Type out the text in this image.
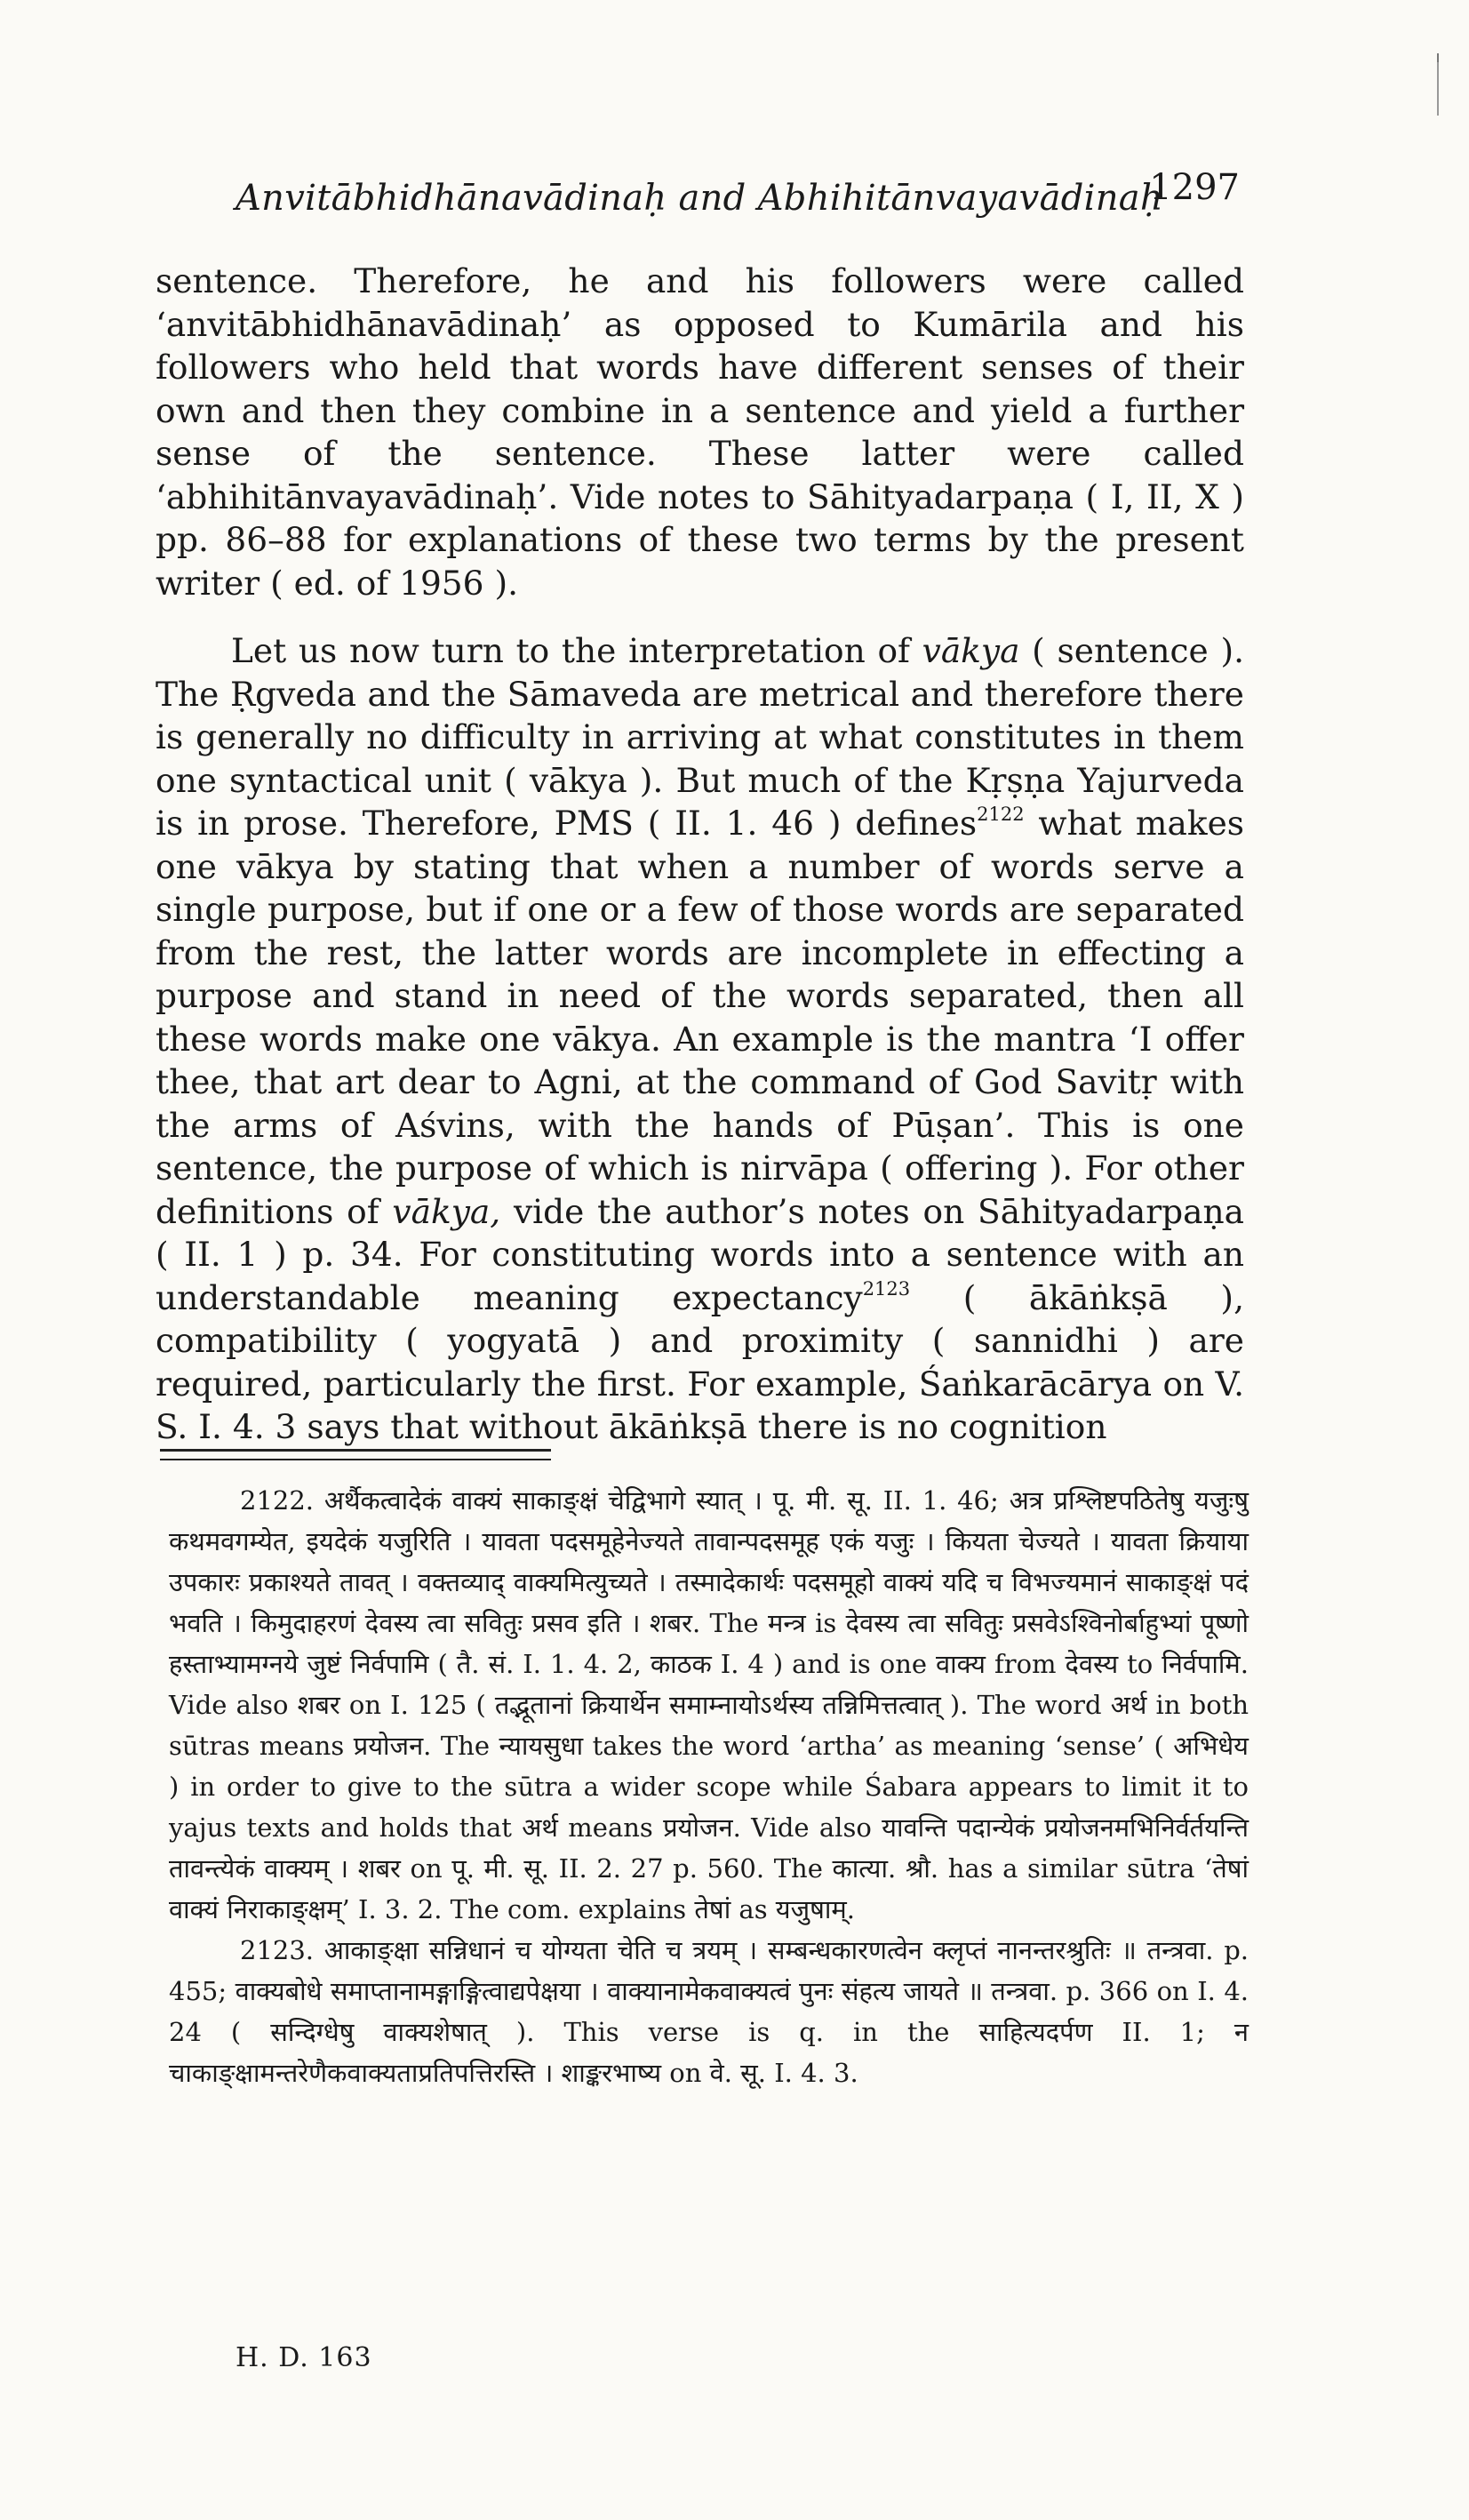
Anvitābhidhānavādinaḥ and Abhihitānvayavādinaḥ
1297

sentence. Therefore, he and his followers were called ‘anvitābhidhānavādinaḥ’ as opposed to Kumārila and his followers who held that words have different senses of their own and then they combine in a sentence and yield a further sense of the sentence. These latter were called ‘abhihitānvayavādinaḥ’. Vide notes to Sāhityadarpaṇa ( I, II, X ) pp. 86–88 for explanations of these two terms by the present writer ( ed. of 1956 ).

Let us now turn to the interpretation of vākya ( sentence ). The Ṛgveda and the Sāmaveda are metrical and therefore there is generally no difficulty in arriving at what constitutes in them one syntactical unit ( vākya ). But much of the Kṛṣṇa Yajurveda is in prose. Therefore, PMS ( II. 1. 46 ) defines$^{2122}$ what makes one vākya by stating that when a number of words serve a single purpose, but if one or a few of those words are separated from the rest, the latter words are incomplete in effecting a purpose and stand in need of the words separated, then all these words make one vākya. An example is the mantra ‘I offer thee, that art dear to Agni, at the command of God Savitṛ with the arms of Aśvins, with the hands of Pūṣan’. This is one sentence, the purpose of which is nirvāpa ( offering ). For other definitions of vākya, vide the author’s notes on Sāhityadarpaṇa ( II. 1 ) p. 34. For constituting words into a sentence with an understandable meaning expectancy$^{2123}$ ( ākāṅkṣā ), compatibility ( yogyatā ) and proximity ( sannidhi ) are required, particularly the first. For example, Śaṅkarācārya on V. S. I. 4. 3 says that without ākāṅkṣā there is no cognition

2122. अर्थैकत्वादेकं वाक्यं साकाङ्क्षं चेद्विभागे स्यात् । पू. मी. सू. II. 1. 46; अत्र प्रश्लिष्टपठितेषु यजुःषु कथमवगम्येत, इयदेकं यजुरिति । यावता पदसमूहेनेज्यते तावान्पदसमूह एकं यजुः । कियता चेज्यते । यावता क्रियाया उपकारः प्रकाश्यते तावत् । वक्तव्याद् वाक्यमित्युच्यते । तस्मादेकार्थः पदसमूहो वाक्यं यदि च विभज्यमानं साकाङ्क्षं पदं भवति । किमुदाहरणं देवस्य त्वा सवितुः प्रसव इति । शबर. The मन्त्र is देवस्य त्वा सवितुः प्रसवेऽश्विनोर्बाहुभ्यां पूष्णो हस्ताभ्यामग्नये जुष्टं निर्वपामि ( तै. सं. I. 1. 4. 2, काठक I. 4 ) and is one वाक्य from देवस्य to निर्वपामि. Vide also शबर on I. 125 ( तद्भूतानां क्रियार्थेन समाम्नायोऽर्थस्य तन्निमित्तत्वात् ). The word अर्थ in both sūtras means प्रयोजन. The न्यायसुधा takes the word ‘artha’ as meaning ‘sense’ ( अभिधेय ) in order to give to the sūtra a wider scope while Śabara appears to limit it to yajus texts and holds that अर्थ means प्रयोजन. Vide also यावन्ति पदान्येकं प्रयोजनमभिनिर्वर्तयन्ति तावन्त्येकं वाक्यम् । शबर on पू. मी. सू. II. 2. 27 p. 560. The कात्या. श्रौ. has a similar sūtra ‘तेषां वाक्यं निराकाङ्क्षम्’ I. 3. 2. The com. explains तेषां as यजुषाम्.

2123. आकाङ्क्षा सन्निधानं च योग्यता चेति च त्रयम् । सम्बन्धकारणत्वेन क्लृप्तं नानन्तरश्रुतिः ॥ तन्त्रवा. p. 455; वाक्यबोधे समाप्तानामङ्गाङ्गित्वाद्यपेक्षया । वाक्यानामेकवाक्यत्वं पुनः संहत्य जायते ॥ तन्त्रवा. p. 366 on I. 4. 24 ( सन्दिग्धेषु वाक्यशेषात् ). This verse is q. in the साहित्यदर्पण II. 1; न चाकाङ्क्षामन्तरेणैकवाक्यताप्रतिपत्तिरस्ति । शाङ्करभाष्य on वे. सू. I. 4. 3.

H. D. 163
